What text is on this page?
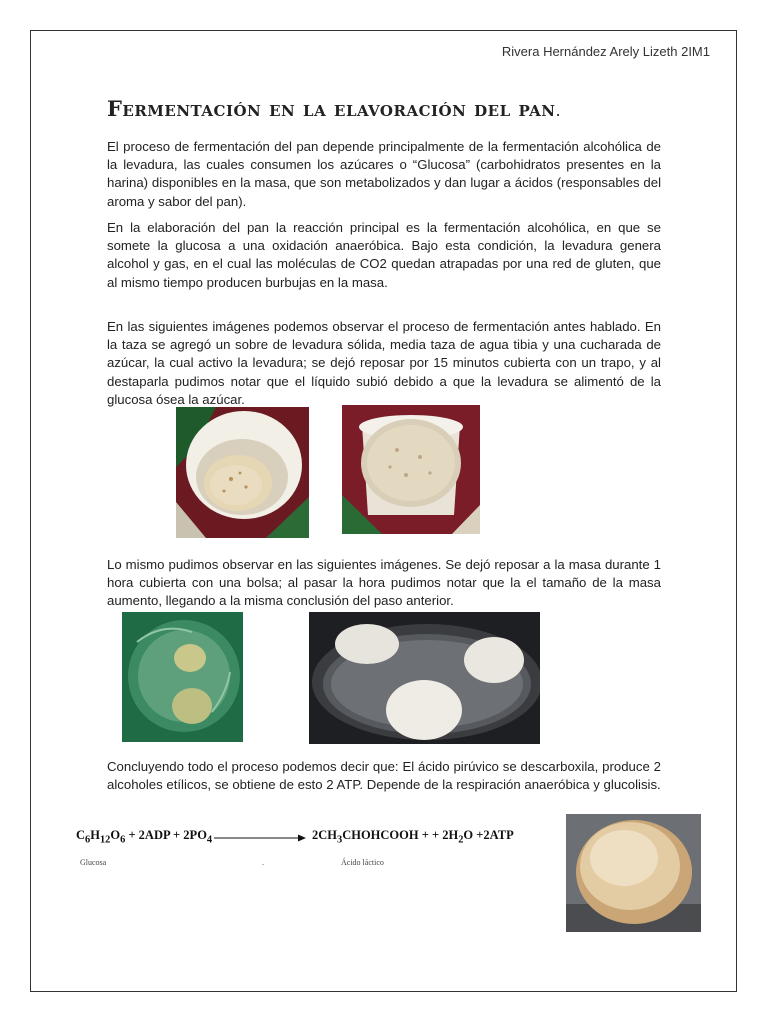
Rivera Hernández Arely Lizeth 2IM1
Fermentación en la elavoración del pan.

El proceso de fermentación del pan depende principalmente de la fermentación alcohólica de la levadura, las cuales consumen los azúcares o “Glucosa” (carbohidratos presentes en la harina) disponibles en la masa, que son metabolizados y dan lugar a ácidos (responsables del aroma y sabor del pan).

En la elaboración del pan la reacción principal es la fermentación alcohólica, en que se somete la glucosa a una oxidación anaeróbica. Bajo esta condición, la levadura genera alcohol y gas, en el cual las moléculas de CO2 quedan atrapadas por una red de gluten, que al mismo tiempo producen burbujas en la masa.

En las siguientes imágenes podemos observar el proceso de fermentación antes hablado. En la taza se agregó un sobre de levadura sólida, media taza de agua tibia y una cucharada de azúcar, la cual activo la levadura; se dejó reposar por 15 minutos cubierta con un trapo, y al destaparla pudimos notar que el líquido subió debido a que la levadura se alimentó de la glucosa ósea la azúcar.

Lo mismo pudimos observar en las siguientes imágenes. Se dejó reposar a la masa durante 1 hora cubierta con una bolsa; al pasar la hora pudimos notar que la el tamaño de la masa aumento, llegando a la misma conclusión del paso anterior.

Concluyendo todo el proceso podemos decir que: El ácido pirúvico se descarboxila, produce 2 alcoholes etílicos, se obtiene de esto 2 ATP. Depende de la respiración anaeróbica y glucolisis.

$C_6H_{12}O_6 + 2ADP + 2PO_4$	$2CH_3CHOHCOOH$ + + $2H_2O +2ATP$
Glucosa	.	Ácido láctico
